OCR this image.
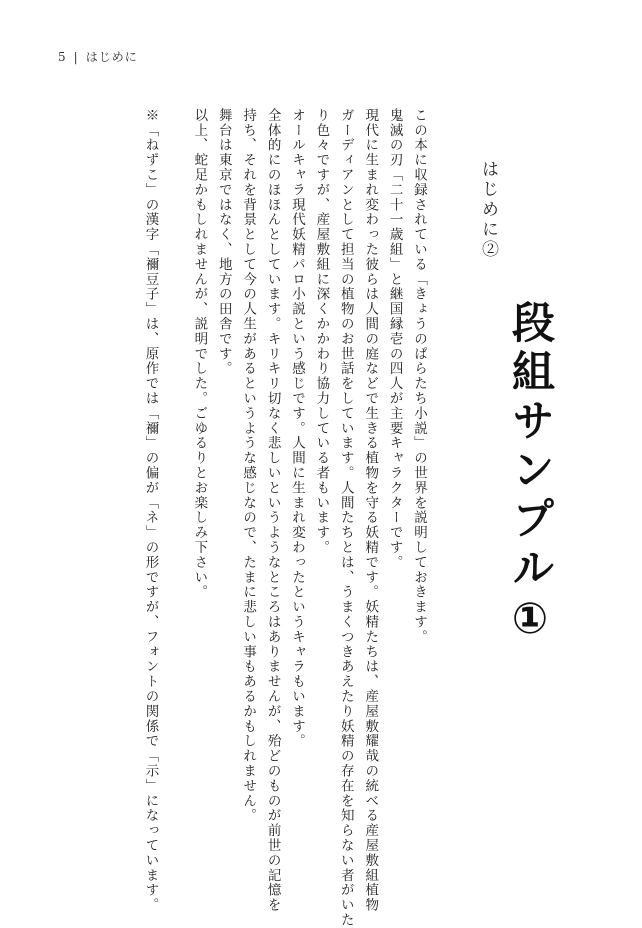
5 | はじめに
段組サンプル①
はじめに②
この本に収録されている「きょうのぱらたち小説」の世界を説明しておきます。
鬼滅の刃「二十一歳組」と継国縁壱の四人が主要キャラクターです。
現代に生まれ変わった彼らは人間の庭などで生きる植物を守る妖精です。妖精たちは、産屋敷耀哉の統べる産屋敷組植物
ガーディアンとして担当の植物のお世話をしています。人間たちとは、うまくつきあえたり妖精の存在を知らない者がいた
り色々ですが、産屋敷組に深くかかわり協力している者もいます。
オールキャラ現代妖精パロ小説という感じです。人間に生まれ変わったというキャラもいます。
全体的にのほほんとしています。キリキリ切なく悲しいというようなところはありませんが、殆どのものが前世の記憶を
持ち、それを背景として今の人生があるというような感じなので、たまに悲しい事もあるかもしれません。
舞台は東京ではなく、地方の田舎です。
以上、蛇足かもしれませんが、説明でした。ごゆるりとお楽しみ下さい。

※「ねずこ」の漢字「禰豆子」は、原作では「禰」の偏が「ネ」の形ですが、フォントの関係で「示」になっています。
